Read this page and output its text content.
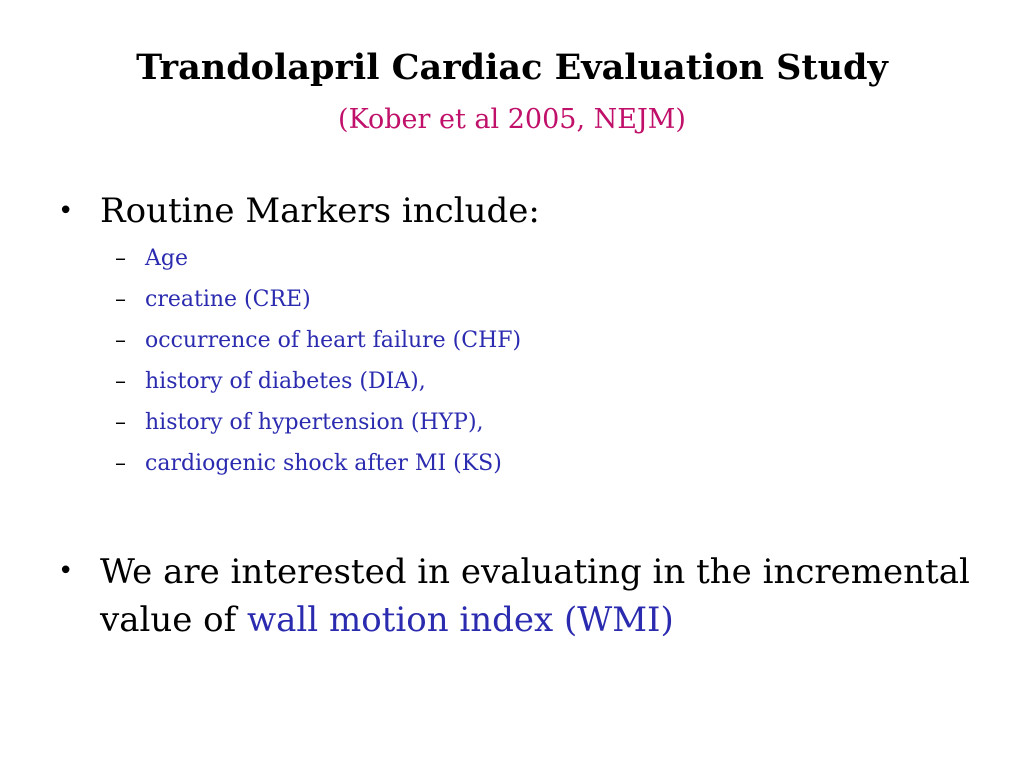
Trandolapril Cardiac Evaluation Study
(Kober et al 2005, NEJM)
• Routine Markers include:
– Age
– creatine (CRE)
– occurrence of heart failure (CHF)
– history of diabetes (DIA),
– history of hypertension (HYP),
– cardiogenic shock after MI (KS)
• We are interested in evaluating in the incremental
value of wall motion index (WMI)
